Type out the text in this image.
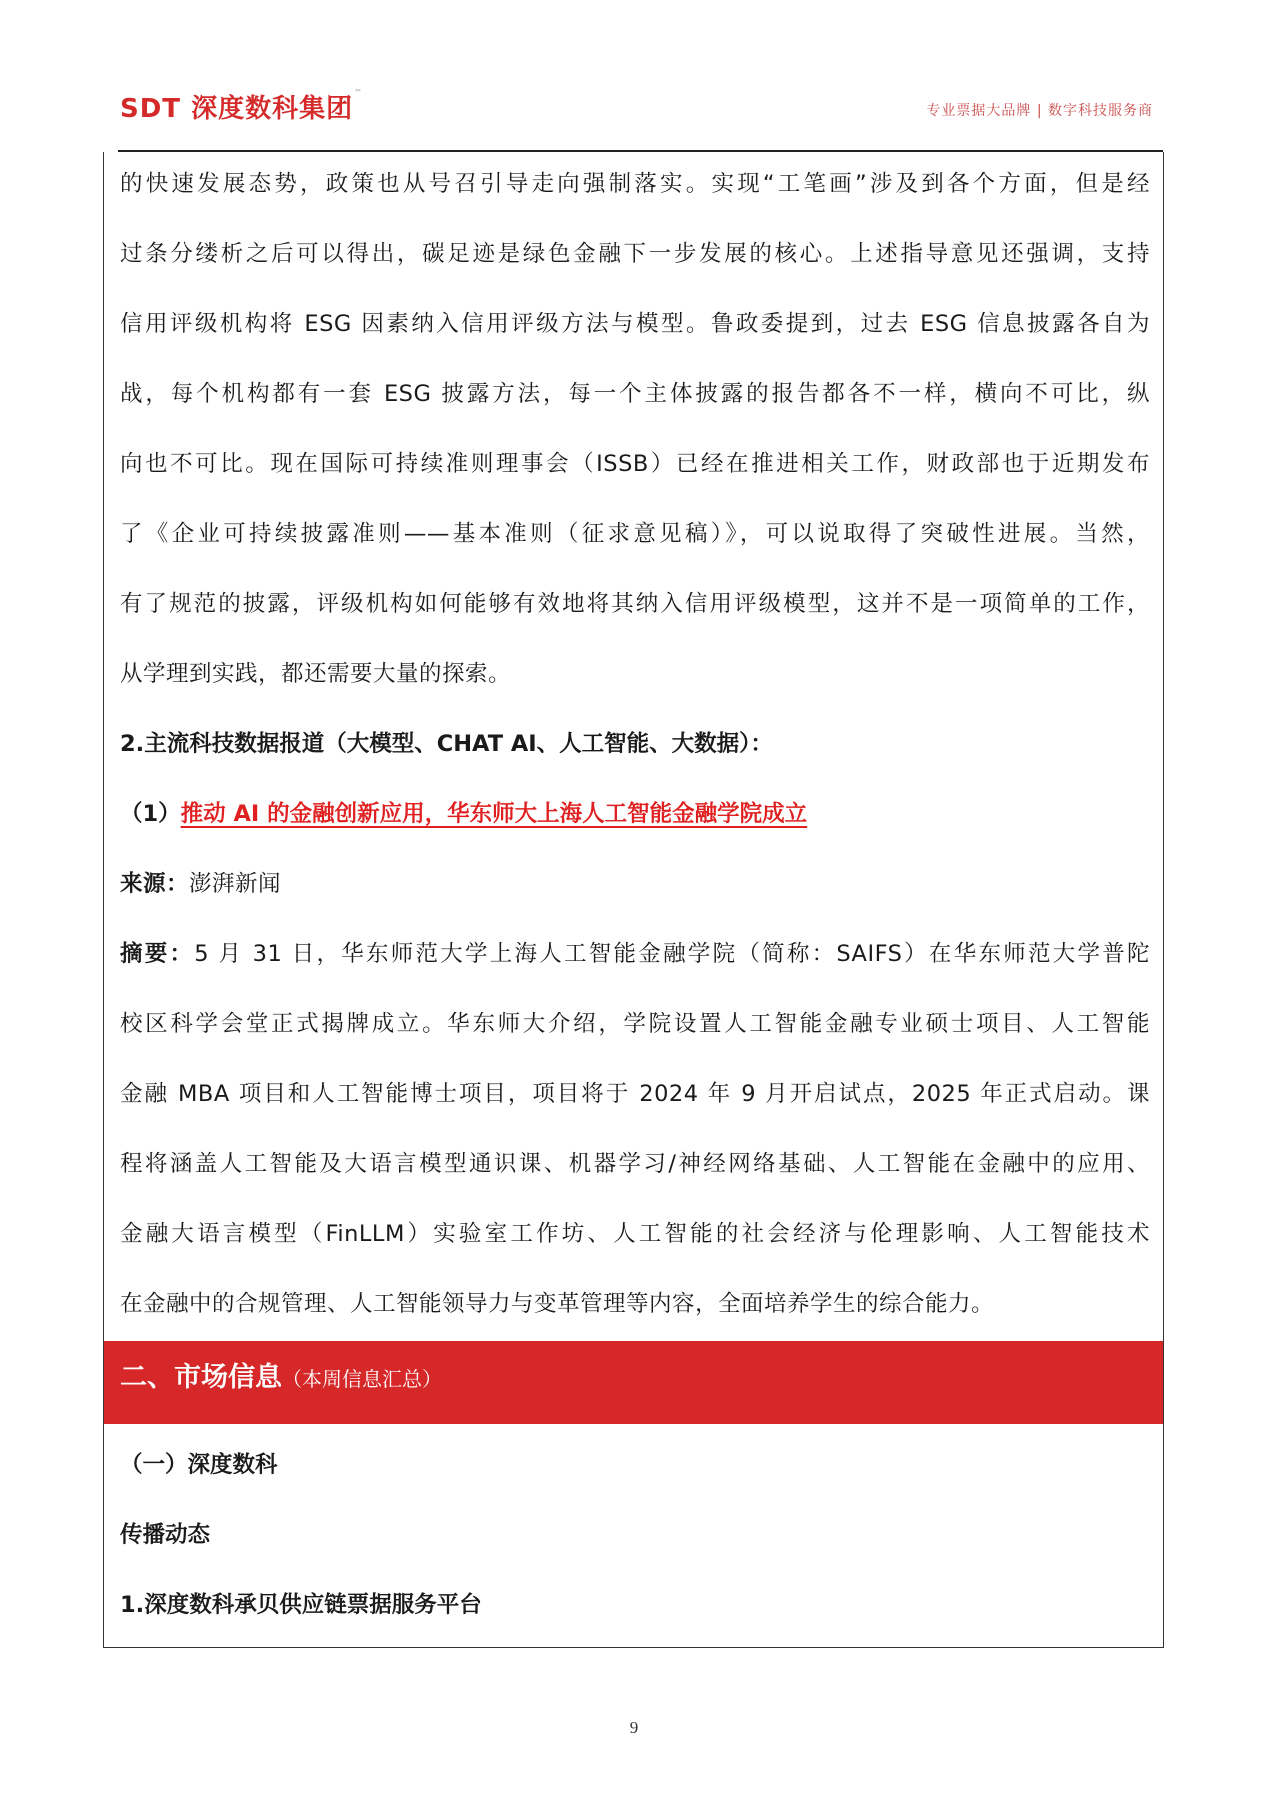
SDT 深度数科集团™
专业票据大品牌 | 数字科技服务商

的快速发展态势，政策也从号召引导走向强制落实。实现“工笔画”涉及到各个方面，但是经
过条分缕析之后可以得出，碳足迹是绿色金融下一步发展的核心。上述指导意见还强调，支持
信用评级机构将 ESG 因素纳入信用评级方法与模型。鲁政委提到，过去 ESG 信息披露各自为
战，每个机构都有一套 ESG 披露方法，每一个主体披露的报告都各不一样，横向不可比，纵
向也不可比。现在国际可持续准则理事会（ISSB）已经在推进相关工作，财政部也于近期发布
了《企业可持续披露准则——基本准则（征求意见稿）》，可以说取得了突破性进展。当然，
有了规范的披露，评级机构如何能够有效地将其纳入信用评级模型，这并不是一项简单的工作，

从学理到实践，都还需要大量的探索。

2.主流科技数据报道（大模型、CHAT AI、人工智能、大数据）：

（1）推动 AI 的金融创新应用，华东师大上海人工智能金融学院成立

来源：澎湃新闻

摘要：5 月 31 日，华东师范大学上海人工智能金融学院（简称：SAIFS）在华东师范大学普陀
校区科学会堂正式揭牌成立。华东师大介绍，学院设置人工智能金融专业硕士项目、人工智能
金融 MBA 项目和人工智能博士项目，项目将于 2024 年 9 月开启试点，2025 年正式启动。课
程将涵盖人工智能及大语言模型通识课、机器学习/神经网络基础、人工智能在金融中的应用、
金融大语言模型（FinLLM）实验室工作坊、人工智能的社会经济与伦理影响、人工智能技术

在金融中的合规管理、人工智能领导力与变革管理等内容，全面培养学生的综合能力。

二、市场信息（本周信息汇总）

（一）深度数科

传播动态

1.深度数科承贝供应链票据服务平台

9
